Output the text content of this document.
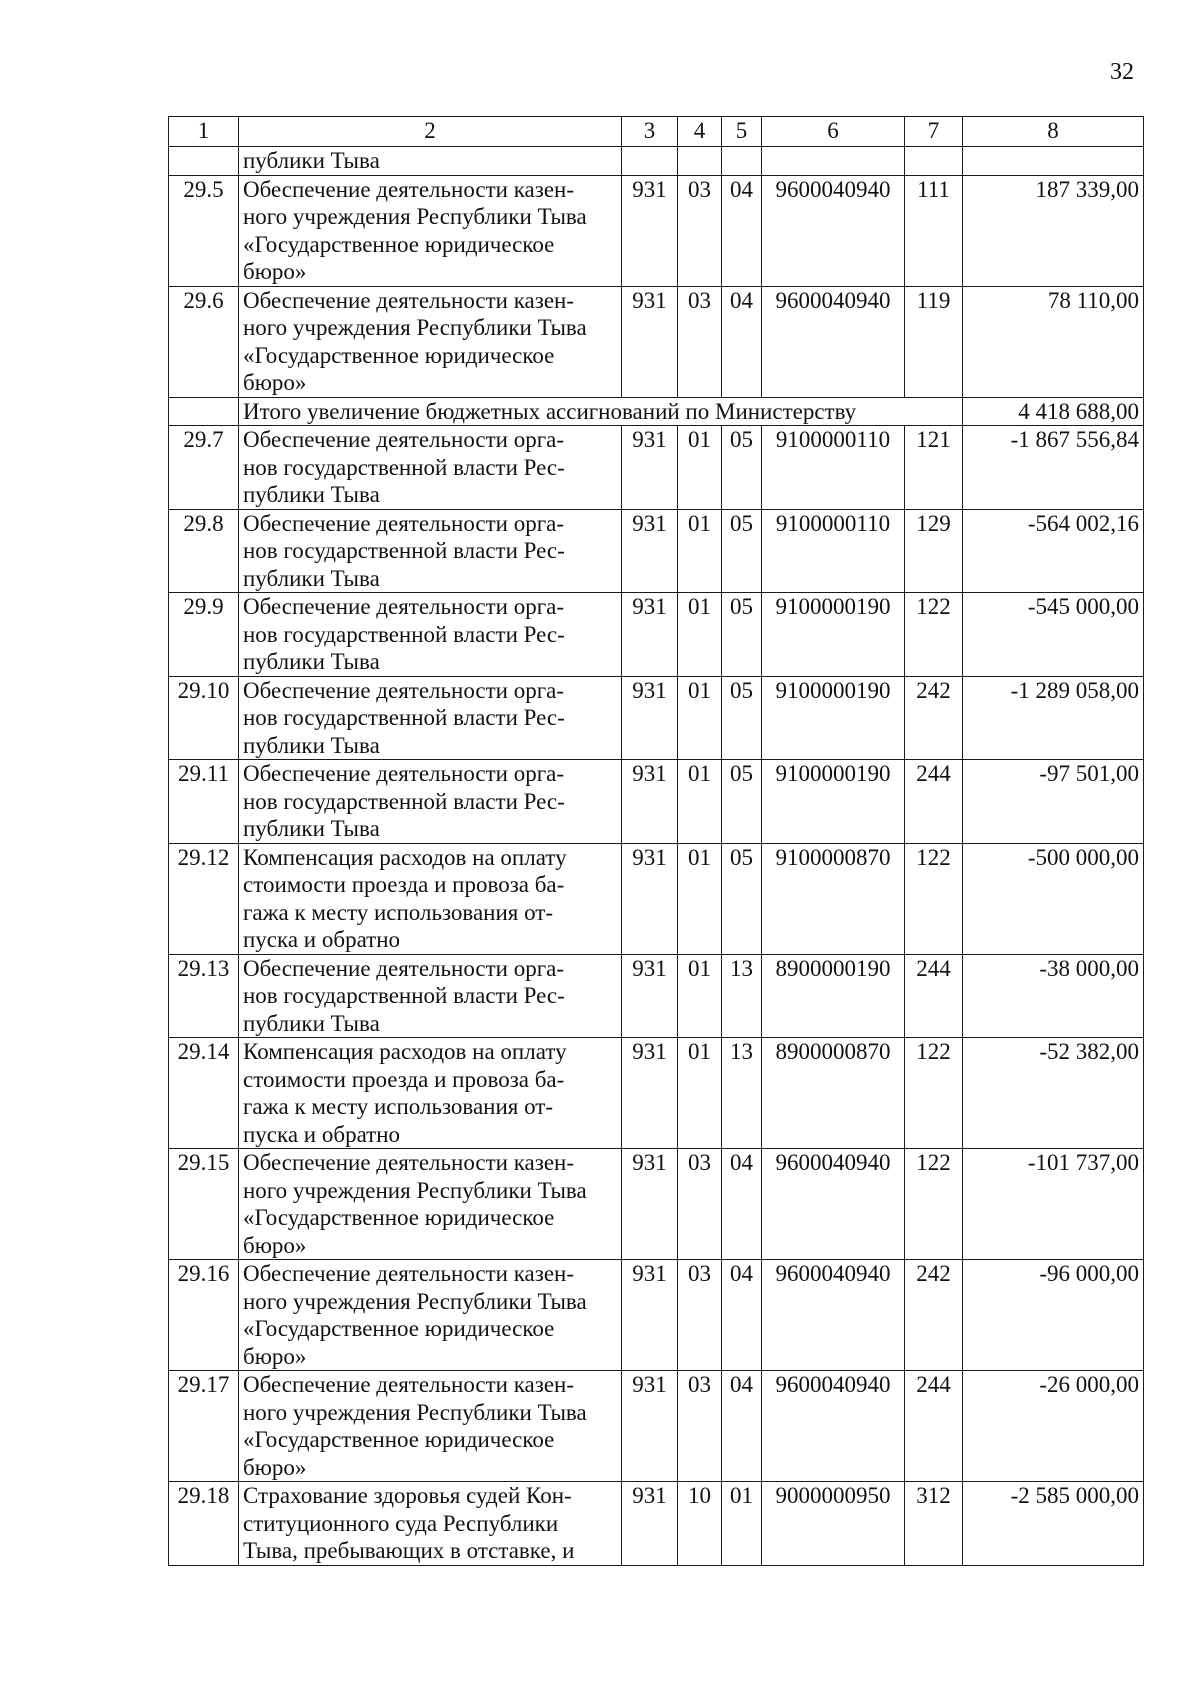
32
1	2	3	4	5	6	7	8
	публики Тыва						
29.5	Обеспечение деятельности казен-
ного учреждения Республики Тыва
«Государственное юридическое
бюро»	931	03	04	9600040940	111	187 339,00
29.6	Обеспечение деятельности казен-
ного учреждения Республики Тыва
«Государственное юридическое
бюро»	931	03	04	9600040940	119	78 110,00
	Итого увеличение бюджетных ассигнований по Министерству						4 418 688,00
29.7	Обеспечение деятельности орга-
нов государственной власти Рес-
публики Тыва	931	01	05	9100000110	121	-1 867 556,84
29.8	Обеспечение деятельности орга-
нов государственной власти Рес-
публики Тыва	931	01	05	9100000110	129	-564 002,16
29.9	Обеспечение деятельности орга-
нов государственной власти Рес-
публики Тыва	931	01	05	9100000190	122	-545 000,00
29.10	Обеспечение деятельности орга-
нов государственной власти Рес-
публики Тыва	931	01	05	9100000190	242	-1 289 058,00
29.11	Обеспечение деятельности орга-
нов государственной власти Рес-
публики Тыва	931	01	05	9100000190	244	-97 501,00
29.12	Компенсация расходов на оплату
стоимости проезда и провоза ба-
гажа к месту использования от-
пуска и обратно	931	01	05	9100000870	122	-500 000,00
29.13	Обеспечение деятельности орга-
нов государственной власти Рес-
публики Тыва	931	01	13	8900000190	244	-38 000,00
29.14	Компенсация расходов на оплату
стоимости проезда и провоза ба-
гажа к месту использования от-
пуска и обратно	931	01	13	8900000870	122	-52 382,00
29.15	Обеспечение деятельности казен-
ного учреждения Республики Тыва
«Государственное юридическое
бюро»	931	03	04	9600040940	122	-101 737,00
29.16	Обеспечение деятельности казен-
ного учреждения Республики Тыва
«Государственное юридическое
бюро»	931	03	04	9600040940	242	-96 000,00
29.17	Обеспечение деятельности казен-
ного учреждения Республики Тыва
«Государственное юридическое
бюро»	931	03	04	9600040940	244	-26 000,00
29.18	Страхование здоровья судей Кон-
ституционного суда Республики
Тыва, пребывающих в отставке, и	931	10	01	9000000950	312	-2 585 000,00
